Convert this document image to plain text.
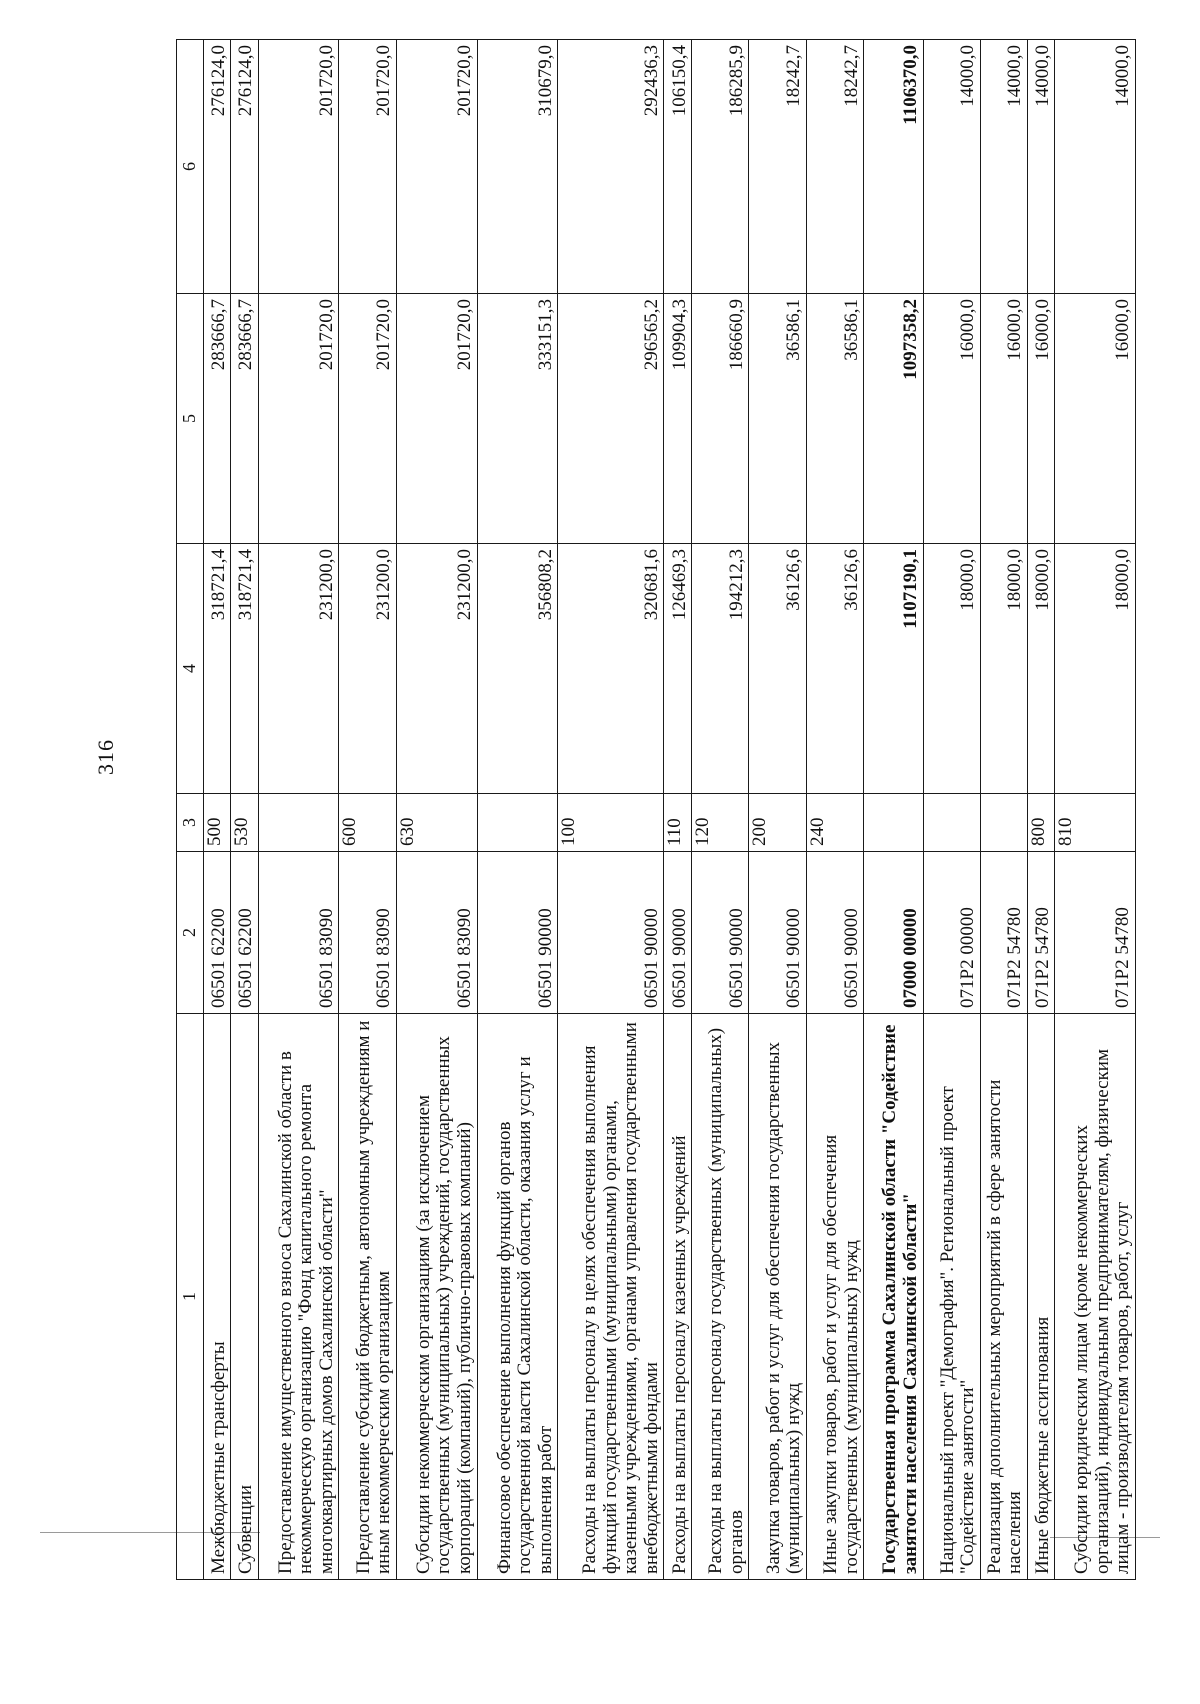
316
1	2	3	4	5	6
Межбюджетные трансферты	06501 62200	500	318721,4	283666,7	276124,0
Субвенции	06501 62200	530	318721,4	283666,7	276124,0
Предоставление имущественного взноса Сахалинской области в некоммерческую организацию "Фонд капитального ремонта многоквартирных домов Сахалинской области"	06501 83090		231200,0	201720,0	201720,0
Предоставление субсидий бюджетным, автономным учреждениям и иным некоммерческим организациям	06501 83090	600	231200,0	201720,0	201720,0
Субсидии некоммерческим организациям (за исключением государственных (муниципальных) учреждений, государственных корпораций (компаний), публично-правовых компаний)	06501 83090	630	231200,0	201720,0	201720,0
Финансовое обеспечение выполнения функций органов государственной власти Сахалинской области, оказания услуг и выполнения работ	06501 90000		356808,2	333151,3	310679,0
Расходы на выплаты персоналу в целях обеспечения выполнения функций государственными (муниципальными) органами, казенными учреждениями, органами управления государственными внебюджетными фондами	06501 90000	100	320681,6	296565,2	292436,3
Расходы на выплаты персоналу казенных учреждений	06501 90000	110	126469,3	109904,3	106150,4
Расходы на выплаты персоналу государственных (муниципальных) органов	06501 90000	120	194212,3	186660,9	186285,9
Закупка товаров, работ и услуг для обеспечения государственных (муниципальных) нужд	06501 90000	200	36126,6	36586,1	18242,7
Иные закупки товаров, работ и услуг для обеспечения государственных (муниципальных) нужд	06501 90000	240	36126,6	36586,1	18242,7
Государственная программа Сахалинской области "Содействие занятости населения Сахалинской области"	07000 00000		1107190,1	1097358,2	1106370,0
Национальный проект "Демография". Региональный проект "Содействие занятости"	071P2 00000		18000,0	16000,0	14000,0
Реализация дополнительных мероприятий в сфере занятости населения	071P2 54780		18000,0	16000,0	14000,0
Иные бюджетные ассигнования	071P2 54780	800	18000,0	16000,0	14000,0
Субсидии юридическим лицам (кроме некоммерческих организаций), индивидуальным предпринимателям, физическим лицам - производителям товаров, работ, услуг	071P2 54780	810	18000,0	16000,0	14000,0
